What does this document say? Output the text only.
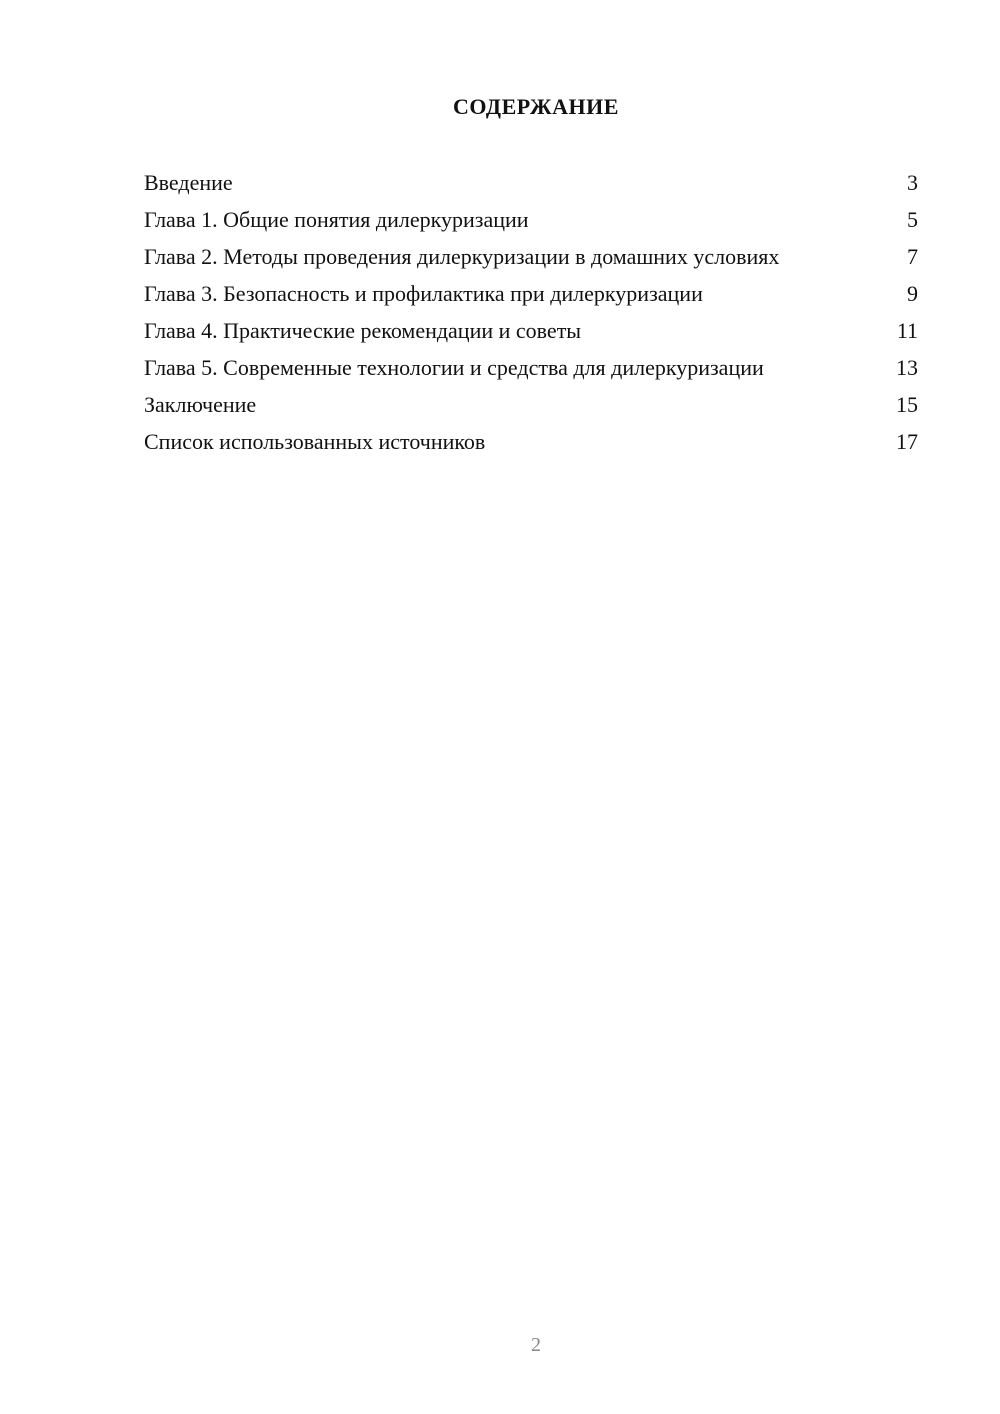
СОДЕРЖАНИЕ
Введение	3
Глава 1. Общие понятия дилеркуризации	5
Глава 2. Методы проведения дилеркуризации в домашних условиях	7
Глава 3. Безопасность и профилактика при дилеркуризации	9
Глава 4. Практические рекомендации и советы	11
Глава 5. Современные технологии и средства для дилеркуризации	13
Заключение	15
Список использованных источников	17
2
